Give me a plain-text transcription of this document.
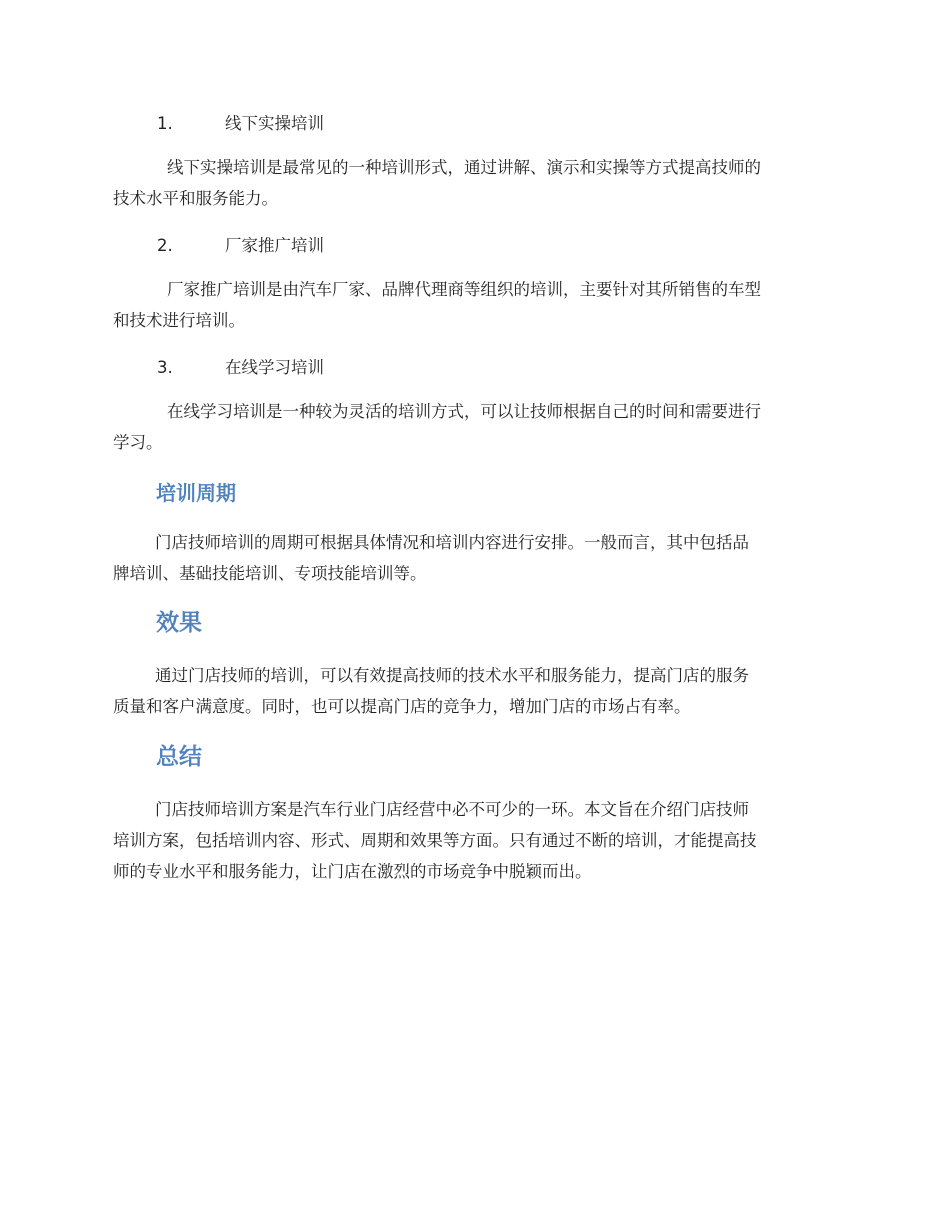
1.	线下实操培训

线下实操培训是最常见的一种培训形式，通过讲解、演示和实操等方式提高技师的
技术水平和服务能力。

2.	厂家推广培训

厂家推广培训是由汽车厂家、品牌代理商等组织的培训，主要针对其所销售的车型
和技术进行培训。

3.	在线学习培训

在线学习培训是一种较为灵活的培训方式，可以让技师根据自己的时间和需要进行
学习。

培训周期

门店技师培训的周期可根据具体情况和培训内容进行安排。一般而言，其中包括品
牌培训、基础技能培训、专项技能培训等。

效果

通过门店技师的培训，可以有效提高技师的技术水平和服务能力，提高门店的服务
质量和客户满意度。同时，也可以提高门店的竞争力，增加门店的市场占有率。

总结

门店技师培训方案是汽车行业门店经营中必不可少的一环。本文旨在介绍门店技师
培训方案，包括培训内容、形式、周期和效果等方面。只有通过不断的培训，才能提高技
师的专业水平和服务能力，让门店在激烈的市场竞争中脱颖而出。
